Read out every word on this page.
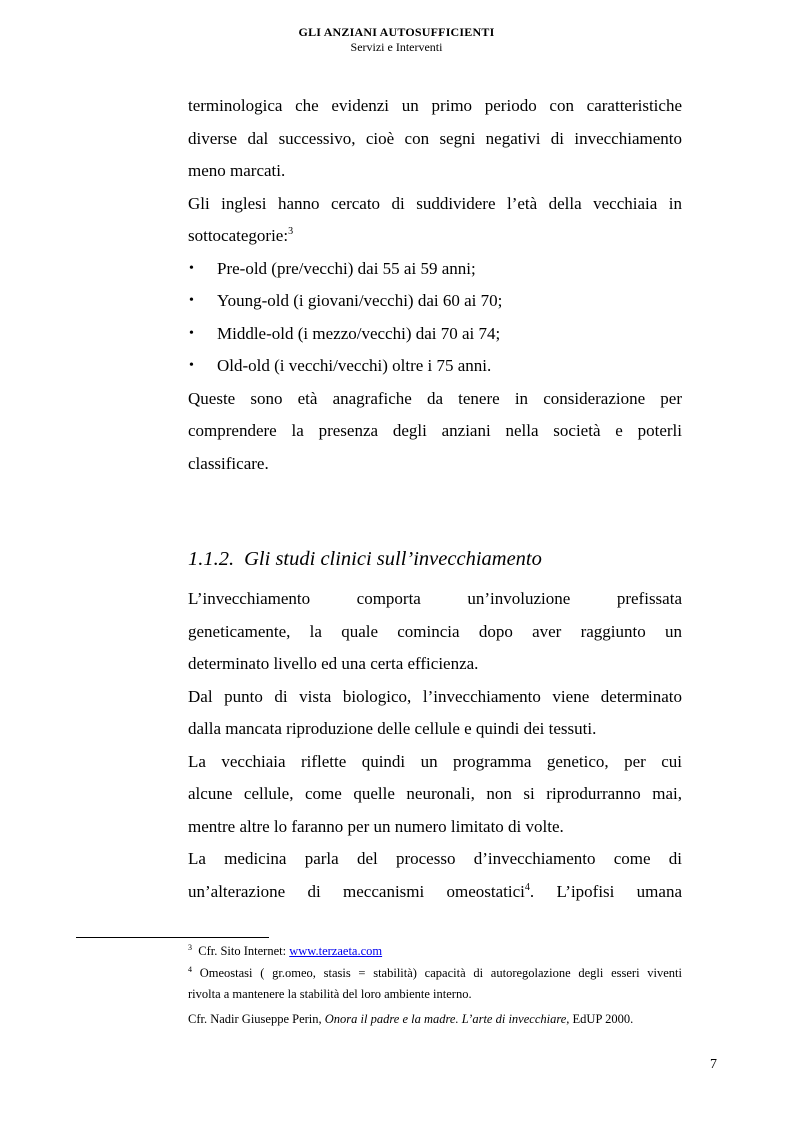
GLI ANZIANI AUTOSUFFICIENTI
Servizi e Interventi

terminologica che evidenzi un primo periodo con caratteristiche

diverse dal successivo, cioè con segni negativi di invecchiamento

meno marcati.

Gli inglesi hanno cercato di suddividere l’età della vecchiaia in

sottocategorie:$^3$

• Pre-old (pre/vecchi) dai 55 ai 59 anni;
• Young-old (i giovani/vecchi) dai 60 ai 70;
• Middle-old (i mezzo/vecchi) dai 70 ai 74;
• Old-old (i vecchi/vecchi) oltre i 75 anni.

Queste sono età anagrafiche da tenere in considerazione per

comprendere la presenza degli anziani nella società e poterli

classificare.

1.1.2. Gli studi clinici sull’invecchiamento

L’invecchiamento comporta un’involuzione prefissata

geneticamente, la quale comincia dopo aver raggiunto un

determinato livello ed una certa efficienza.

Dal punto di vista biologico, l’invecchiamento viene determinato

dalla mancata riproduzione delle cellule e quindi dei tessuti.

La vecchiaia riflette quindi un programma genetico, per cui

alcune cellule, come quelle neuronali, non si riprodurranno mai,

mentre altre lo faranno per un numero limitato di volte.

La medicina parla del processo d’invecchiamento come di

un’alterazione di meccanismi omeostatici$^4$. L’ipofisi umana

$^3$ Cfr. Sito Internet: www.terzaeta.com

$^4$ Omeostasi ( gr.omeo, stasis = stabilità) capacità di autoregolazione degli esseri viventi

rivolta a mantenere la stabilità del loro ambiente interno.

Cfr. Nadir Giuseppe Perin, Onora il padre e la madre. L’arte di invecchiare, EdUP 2000.

7
